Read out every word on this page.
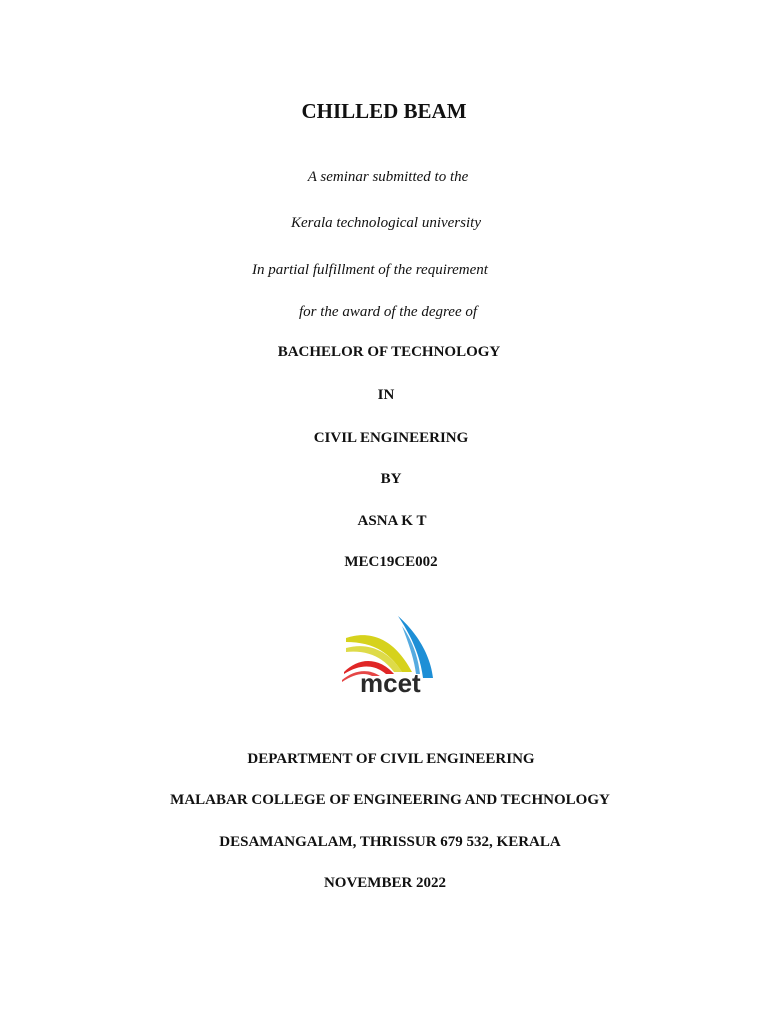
CHILLED BEAM
A seminar submitted to the
Kerala technological university
In partial fulfillment of the requirement
for the award of the degree of
BACHELOR OF TECHNOLOGY
IN
CIVIL ENGINEERING
BY
ASNA K T
MEC19CE002
mcet
DEPARTMENT OF CIVIL ENGINEERING
MALABAR COLLEGE OF ENGINEERING AND TECHNOLOGY
DESAMANGALAM, THRISSUR 679 532, KERALA
NOVEMBER 2022
